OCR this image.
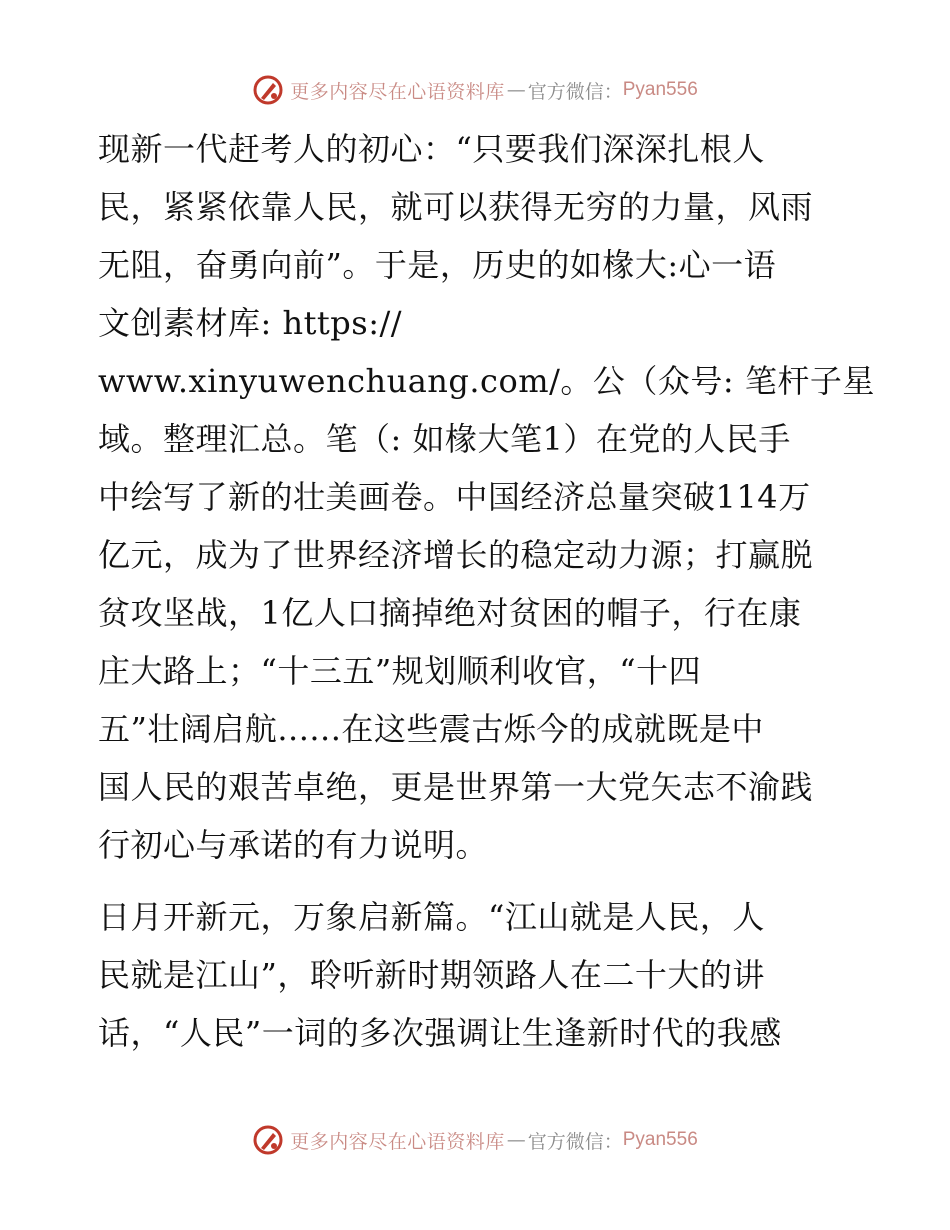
更多内容尽在心语资料库 — 官方微信： Pyan556
现新一代赶考人的初心：“只要我们深深扎根人
民，紧紧依靠人民，就可以获得无穷的力量，风雨
无阻，奋勇向前”。于是，历史的如椽大:心一语
文创素材库: https://
www.xinyuwenchuang.com/。公（众号: 笔杆子星
域。整理汇总。笔（: 如椽大笔1）在党的人民手
中绘写了新的壮美画卷。中国经济总量突破114万
亿元，成为了世界经济增长的稳定动力源；打赢脱
贫攻坚战，1亿人口摘掉绝对贫困的帽子，行在康
庄大路上；“十三五”规划顺利收官，“十四
五”壮阔启航......在这些震古烁今的成就既是中
国人民的艰苦卓绝，更是世界第一大党矢志不渝践
行初心与承诺的有力说明。
日月开新元，万象启新篇。“江山就是人民，人
民就是江山”，聆听新时期领路人在二十大的讲
话，“人民”一词的多次强调让生逢新时代的我感
更多内容尽在心语资料库 — 官方微信： Pyan556
